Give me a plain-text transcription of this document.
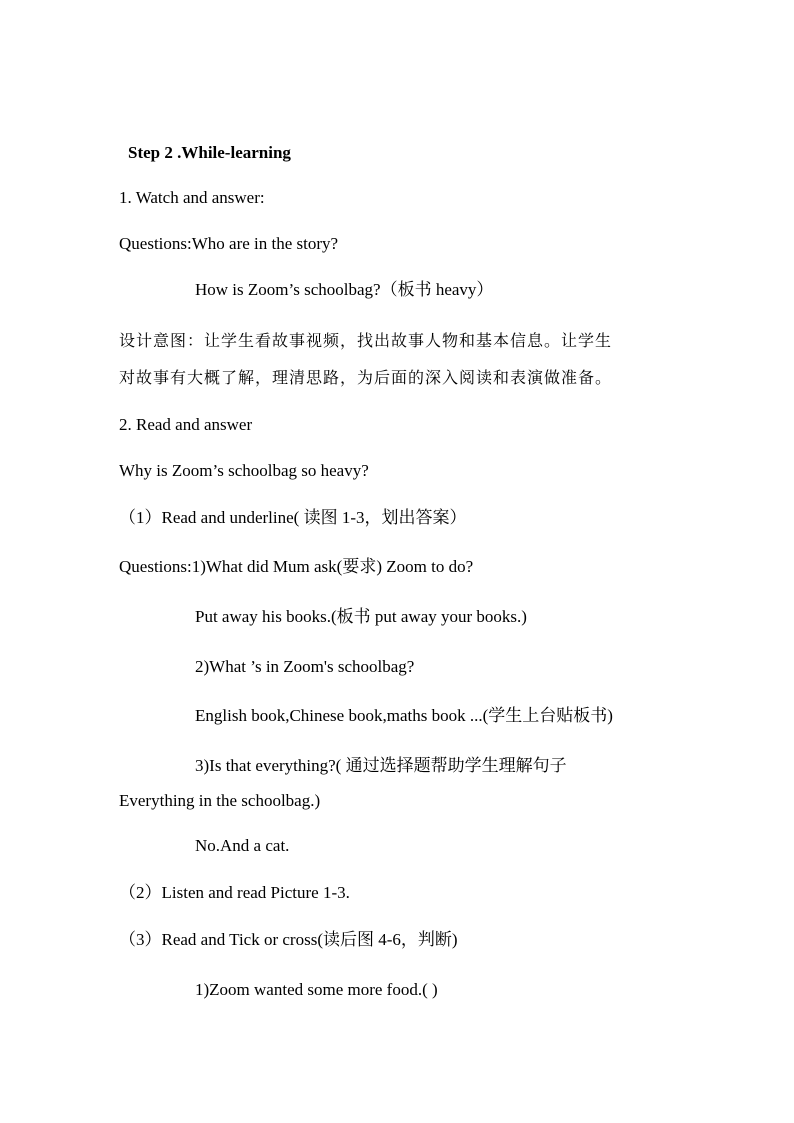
Step 2 .While-learning
1. Watch and answer:
Questions:Who are in the story?
How is Zoom’s schoolbag?（板书 heavy）
设计意图：让学生看故事视频，找出故事人物和基本信息。让学生
对故事有大概了解，理清思路，为后面的深入阅读和表演做准备。
2. Read and answer
Why is Zoom’s schoolbag so heavy?
（1）Read and underline( 读图 1-3，划出答案）
Questions:1)What did Mum ask(要求) Zoom to do?
Put away his books.(板书 put away your books.)
2)What ’s in Zoom's schoolbag?
English book,Chinese book,maths book ...(学生上台贴板书)
3)Is that everything?( 通过选择题帮助学生理解句子
Everything in the schoolbag.)
No.And a cat.
（2）Listen and read Picture 1-3.
（3）Read and Tick or cross(读后图 4-6，判断)
1)Zoom wanted some more food.( )
